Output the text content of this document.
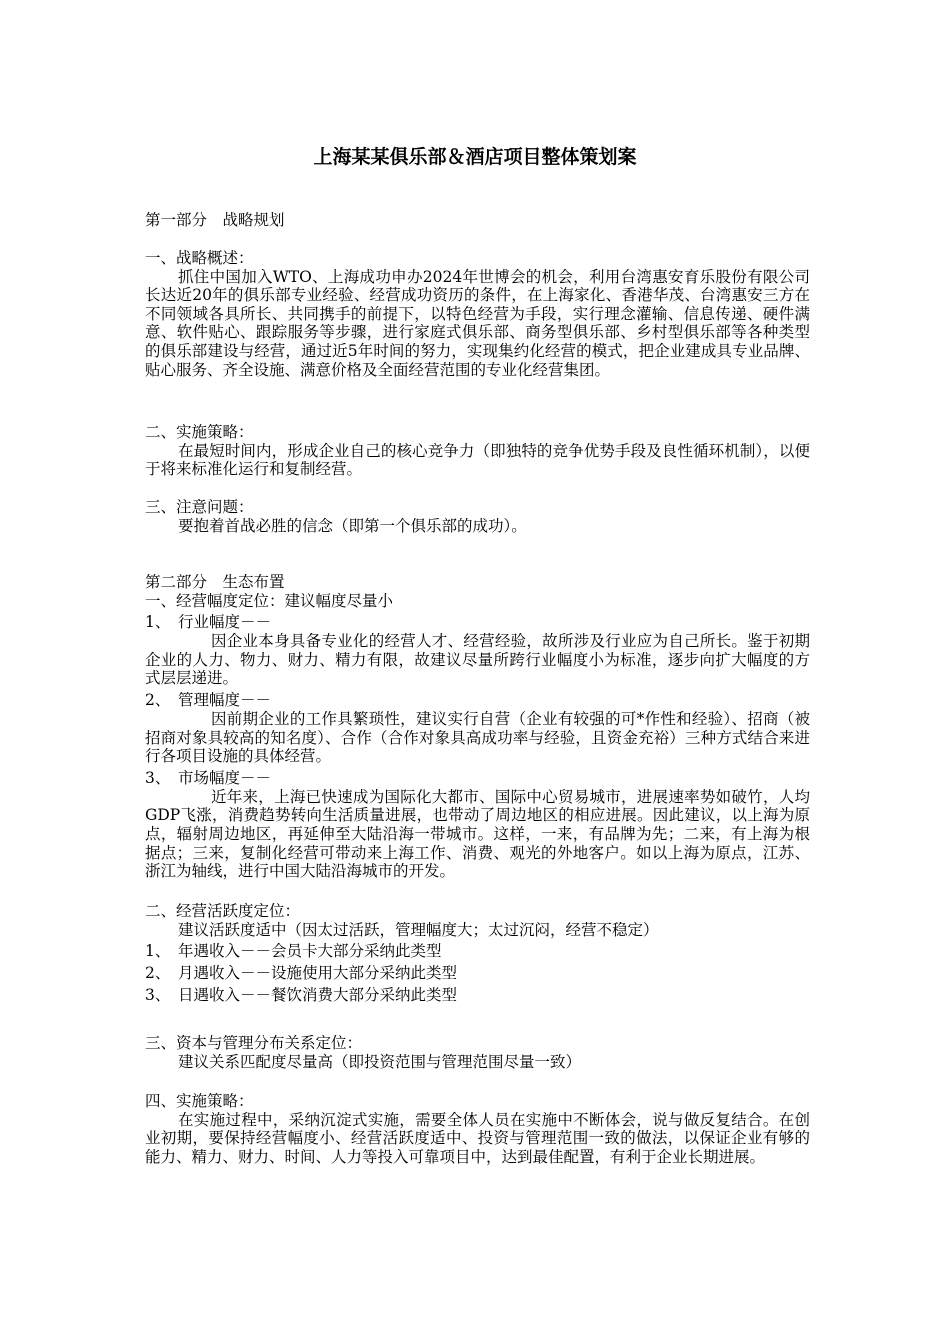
上海某某俱乐部＆酒店项目整体策划案

第一部分　战略规划

一、战略概述：

抓住中国加入WTO、上海成功申办2024年世博会的机会，利用台湾惠安育乐股份有限公司长达近20年的俱乐部专业经验、经营成功资历的条件，在上海家化、香港华茂、台湾惠安三方在不同领域各具所长、共同携手的前提下，以特色经营为手段，实行理念灌输、信息传递、硬件满意、软件贴心、跟踪服务等步骤，进行家庭式俱乐部、商务型俱乐部、乡村型俱乐部等各种类型的俱乐部建设与经营，通过近5年时间的努力，实现集约化经营的模式，把企业建成具专业品牌、贴心服务、齐全设施、满意价格及全面经营范围的专业化经营集团。

二、实施策略：

在最短时间内，形成企业自己的核心竞争力（即独特的竞争优势手段及良性循环机制），以便于将来标准化运行和复制经营。

三、注意问题：

要抱着首战必胜的信念（即第一个俱乐部的成功）。

第二部分　生态布置

一、经营幅度定位：建议幅度尽量小

1、 行业幅度－－

因企业本身具备专业化的经营人才、经营经验，故所涉及行业应为自己所长。鉴于初期企业的人力、物力、财力、精力有限，故建议尽量所跨行业幅度小为标准，逐步向扩大幅度的方式层层递进。

2、 管理幅度－－

因前期企业的工作具繁琐性，建议实行自营（企业有较强的可*作性和经验）、招商（被招商对象具较高的知名度）、合作（合作对象具高成功率与经验，且资金充裕）三种方式结合来进行各项目设施的具体经营。

3、 市场幅度－－

近年来，上海已快速成为国际化大都市、国际中心贸易城市，进展速率势如破竹，人均GDP飞涨，消费趋势转向生活质量进展，也带动了周边地区的相应进展。因此建议，以上海为原点，辐射周边地区，再延伸至大陆沿海一带城市。这样，一来，有品牌为先；二来，有上海为根据点；三来，复制化经营可带动来上海工作、消费、观光的外地客户。如以上海为原点，江苏、浙江为轴线，进行中国大陆沿海城市的开发。

二、经营活跃度定位：

建议活跃度适中（因太过活跃，管理幅度大；太过沉闷，经营不稳定）

1、 年遇收入－－会员卡大部分采纳此类型
2、 月遇收入－－设施使用大部分采纳此类型
3、 日遇收入－－餐饮消费大部分采纳此类型

三、资本与管理分布关系定位：

建议关系匹配度尽量高（即投资范围与管理范围尽量一致）

四、实施策略：

在实施过程中，采纳沉淀式实施，需要全体人员在实施中不断体会，说与做反复结合。在创业初期，要保持经营幅度小、经营活跃度适中、投资与管理范围一致的做法，以保证企业有够的能力、精力、财力、时间、人力等投入可靠项目中，达到最佳配置，有利于企业长期进展。
